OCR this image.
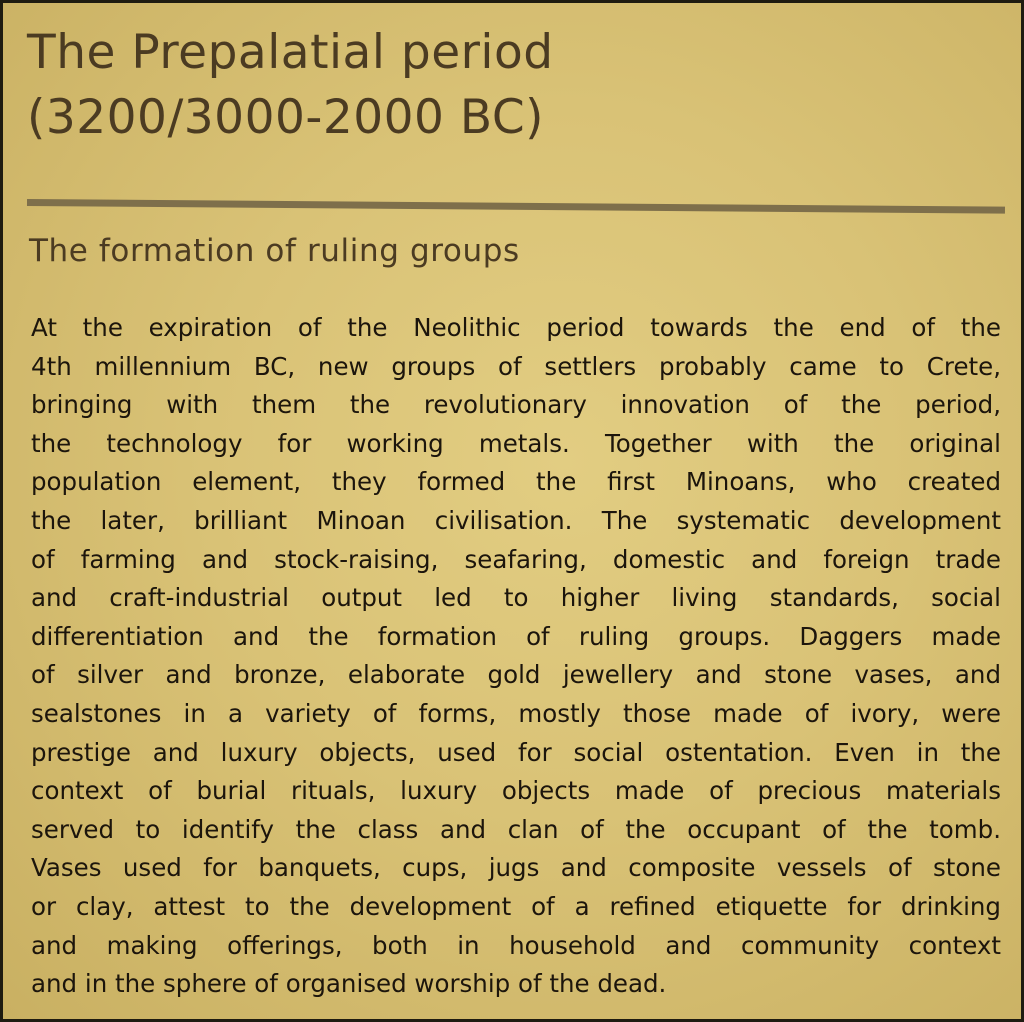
The Prepalatial period
(3200/3000-2000 BC)
The formation of ruling groups
At the expiration of the Neolithic period towards the end of the
4th millennium BC, new groups of settlers probably came to Crete,
bringing with them the revolutionary innovation of the period,
the technology for working metals. Together with the original
population element, they formed the first Minoans, who created
the later, brilliant Minoan civilisation. The systematic development
of farming and stock-raising, seafaring, domestic and foreign trade
and craft-industrial output led to higher living standards, social
differentiation and the formation of ruling groups. Daggers made
of silver and bronze, elaborate gold jewellery and stone vases, and
sealstones in a variety of forms, mostly those made of ivory, were
prestige and luxury objects, used for social ostentation. Even in the
context of burial rituals, luxury objects made of precious materials
served to identify the class and clan of the occupant of the tomb.
Vases used for banquets, cups, jugs and composite vessels of stone
or clay, attest to the development of a refined etiquette for drinking
and making offerings, both in household and community context
and in the sphere of organised worship of the dead.
